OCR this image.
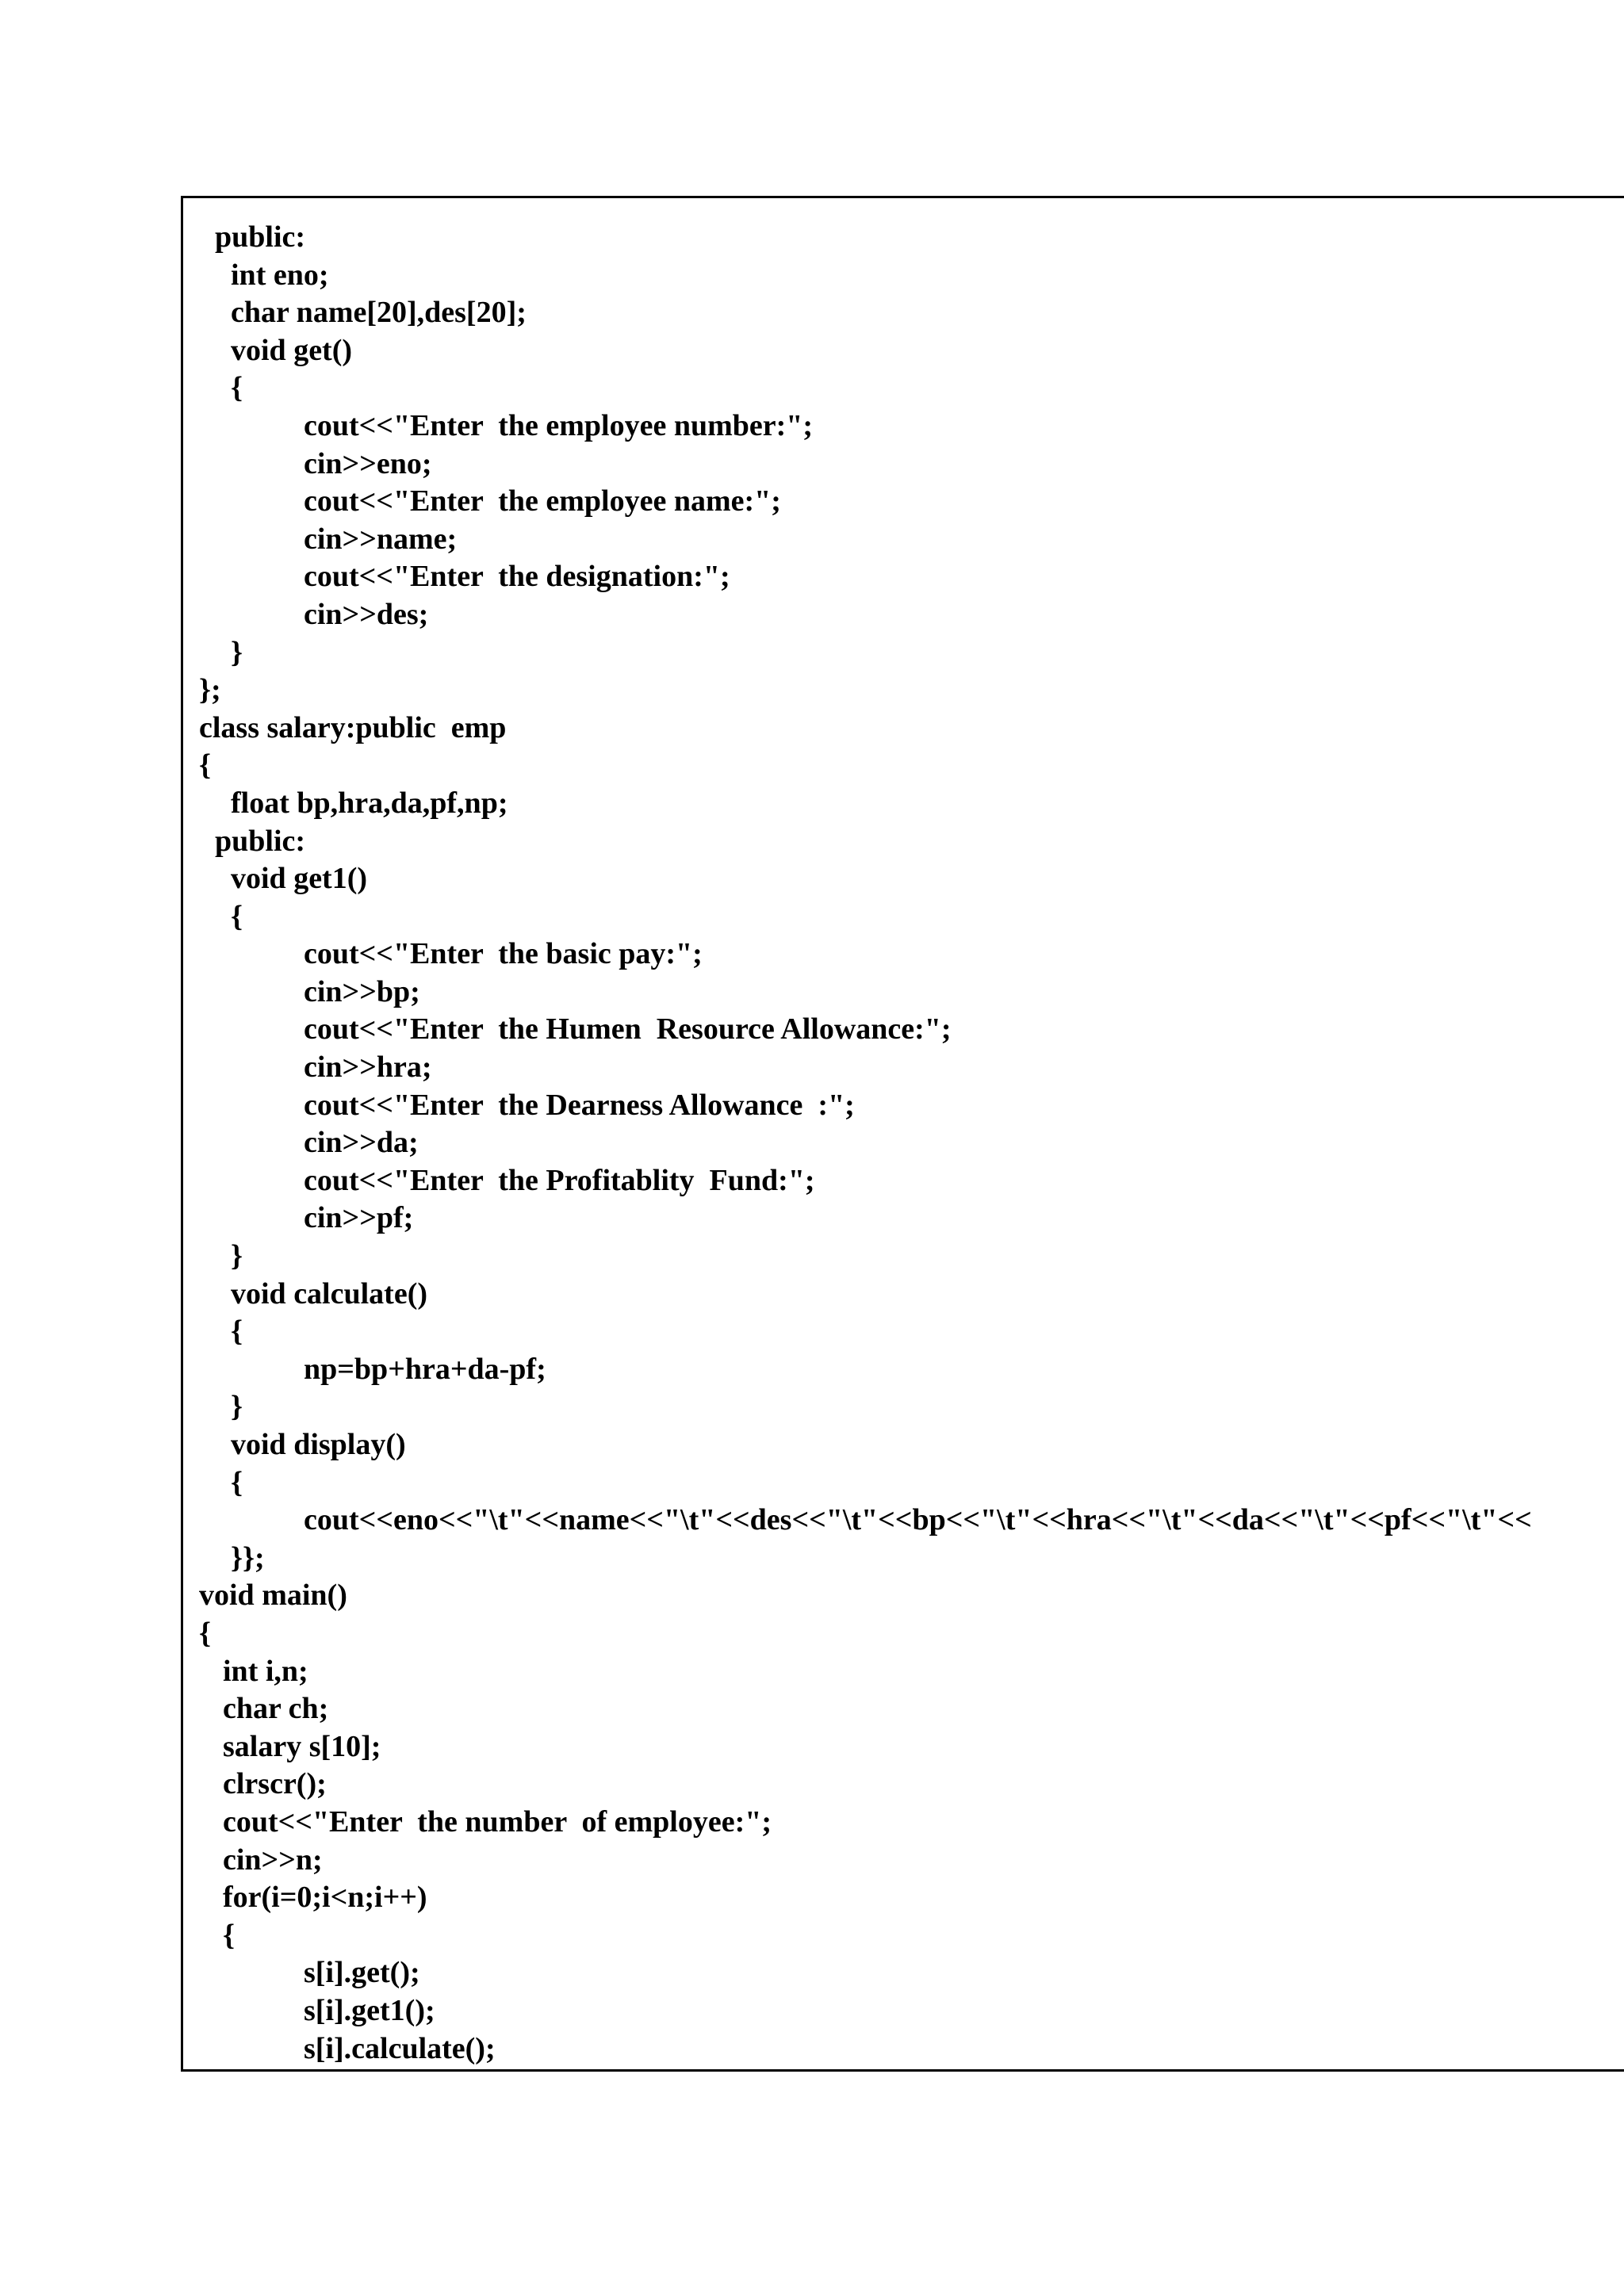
public:
int eno;
char name[20],des[20];
void get()
{
cout<<"Enter  the employee number:";
cin>>eno;
cout<<"Enter  the employee name:";
cin>>name;
cout<<"Enter  the designation:";
cin>>des;
}
};
class salary:public  emp
{
float bp,hra,da,pf,np;
public:
void get1()
{
cout<<"Enter  the basic pay:";
cin>>bp;
cout<<"Enter  the Humen  Resource Allowance:";
cin>>hra;
cout<<"Enter  the Dearness Allowance  :";
cin>>da;
cout<<"Enter  the Profitablity  Fund:";
cin>>pf;
}
void calculate()
{
np=bp+hra+da-pf;
}
void display()
{
cout<<eno<<"\t"<<name<<"\t"<<des<<"\t"<<bp<<"\t"<<hra<<"\t"<<da<<"\t"<<pf<<"\t"<<
}};
void main()
{
int i,n;
char ch;
salary s[10];
clrscr();
cout<<"Enter  the number  of employee:";
cin>>n;
for(i=0;i<n;i++)
{
s[i].get();
s[i].get1();
s[i].calculate();
